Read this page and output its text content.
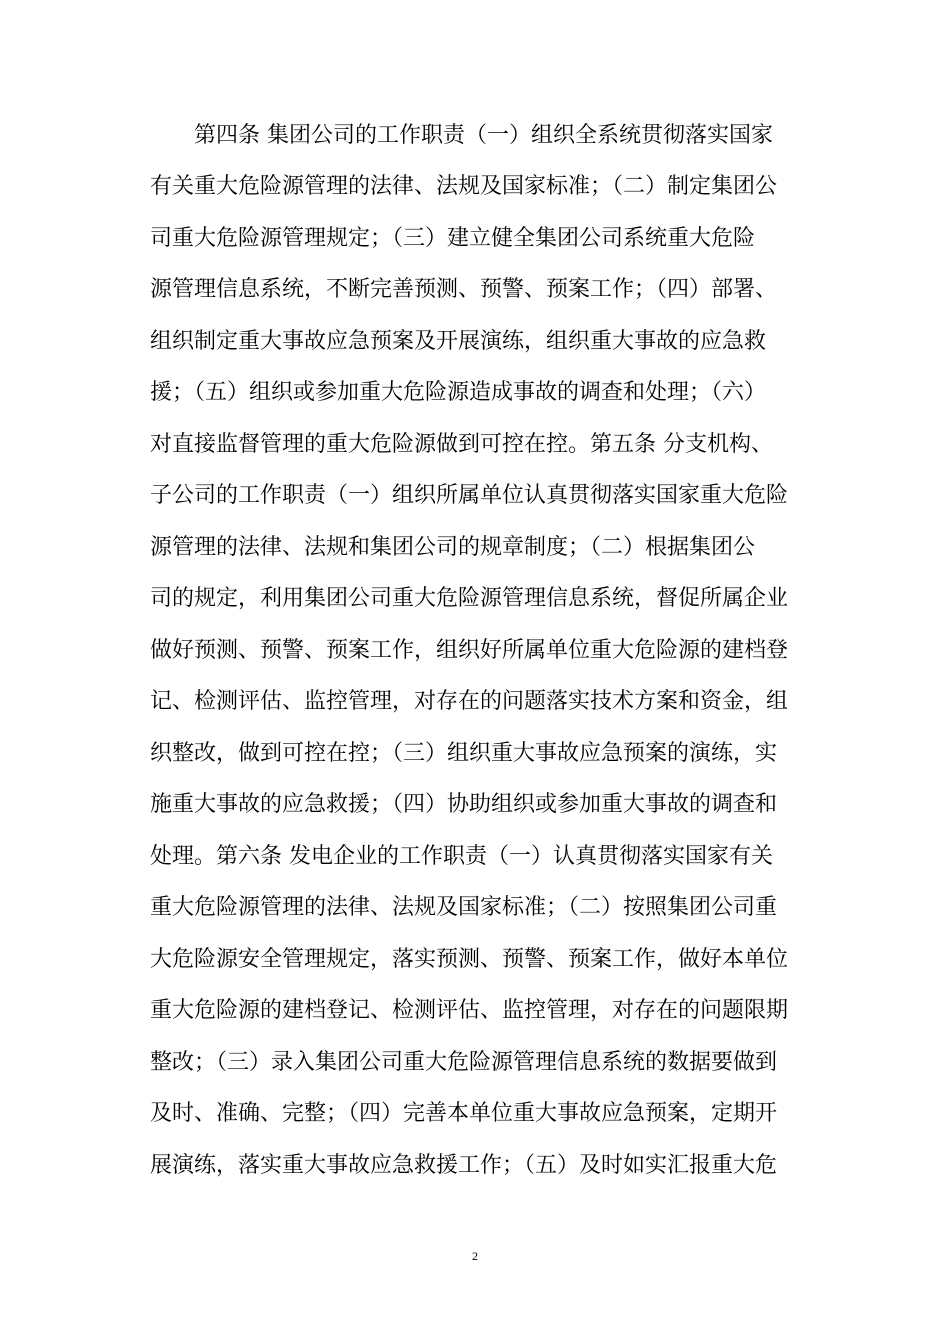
第四条 集团公司的工作职责（一）组织全系统贯彻落实国家
有关重大危险源管理的法律、法规及国家标准；（二）制定集团公
司重大危险源管理规定；（三）建立健全集团公司系统重大危险
源管理信息系统，不断完善预测、预警、预案工作；（四）部署、
组织制定重大事故应急预案及开展演练，组织重大事故的应急救
援；（五）组织或参加重大危险源造成事故的调查和处理；（六）
对直接监督管理的重大危险源做到可控在控。第五条 分支机构、
子公司的工作职责（一）组织所属单位认真贯彻落实国家重大危险
源管理的法律、法规和集团公司的规章制度；（二）根据集团公
司的规定，利用集团公司重大危险源管理信息系统，督促所属企业
做好预测、预警、预案工作，组织好所属单位重大危险源的建档登
记、检测评估、监控管理，对存在的问题落实技术方案和资金，组
织整改，做到可控在控；（三）组织重大事故应急预案的演练，实
施重大事故的应急救援；（四）协助组织或参加重大事故的调查和
处理。第六条 发电企业的工作职责（一）认真贯彻落实国家有关
重大危险源管理的法律、法规及国家标准；（二）按照集团公司重
大危险源安全管理规定，落实预测、预警、预案工作，做好本单位
重大危险源的建档登记、检测评估、监控管理，对存在的问题限期
整改；（三）录入集团公司重大危险源管理信息系统的数据要做到
及时、准确、完整；（四）完善本单位重大事故应急预案，定期开
展演练，落实重大事故应急救援工作；（五）及时如实汇报重大危
2
